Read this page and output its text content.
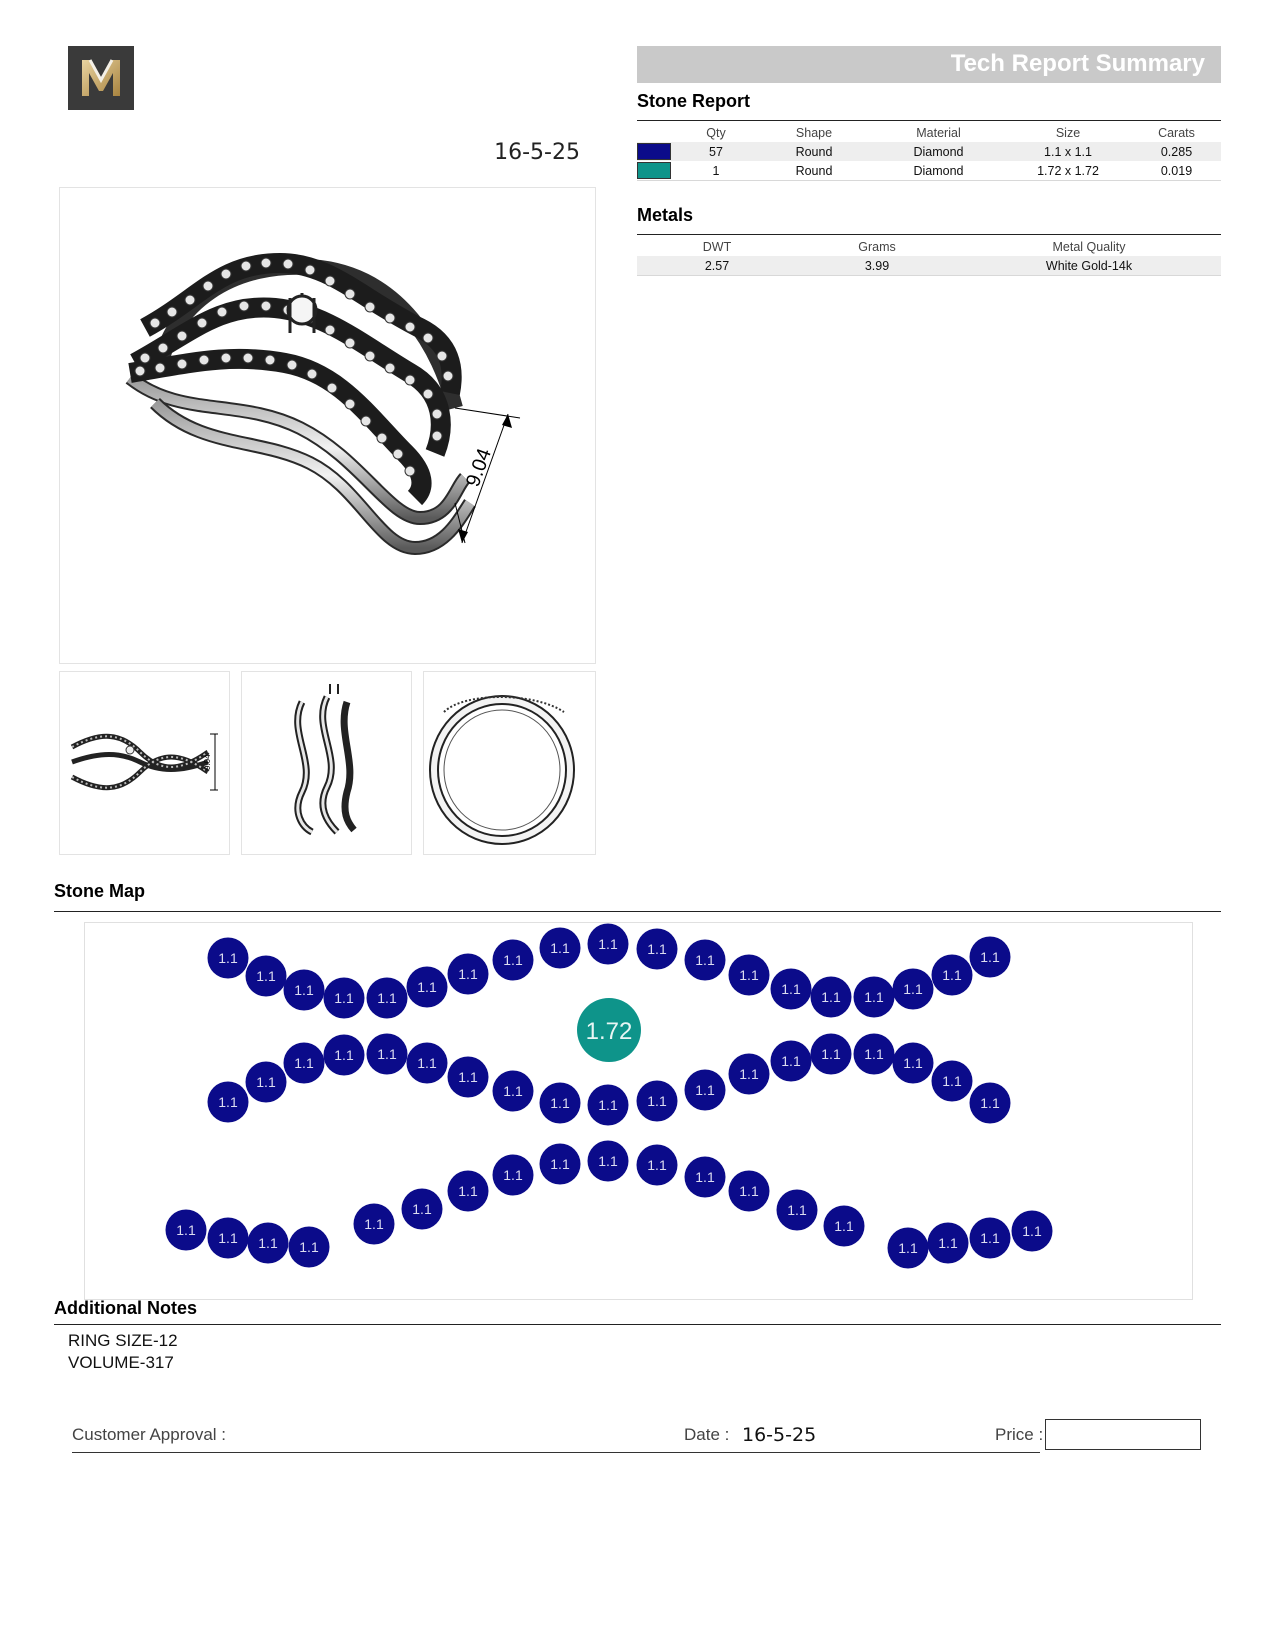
16-5-25
Tech Report Summary
Stone Report
	Qty	Shape	Material	Size	Carats
	57	Round	Diamond	1.1 x 1.1	0.285
	1	Round	Diamond	1.72 x 1.72	0.019
Metals
DWT	Grams	Metal Quality
2.57	3.99	White Gold-14k
9.04
9.04
Stone Map
1.1
1.1
1.1 1.1 1.1
1.1
1.1
1.1
1.1 1.1 1.1
1.1
1.1
1.1 1.1 1.1 1.1
1.1
1.1
1.1
1.1
1.1 1.1 1.1
1.1
1.1
1.1
1.1 1.1 1.1
1.1
1.1
1.1 1.1 1.1
1.1
1.1
1.1
1.1 1.1 1.1 1.1
1.1
1.1
1.1
1.1
1.1 1.1 1.1
1.1
1.1
1.1
1.1
1.1 1.1 1.1 1.1
1.72
Additional Notes
RING SIZE-12
VOLUME-317
Customer Approval :	Date : 16-5-25	Price :
